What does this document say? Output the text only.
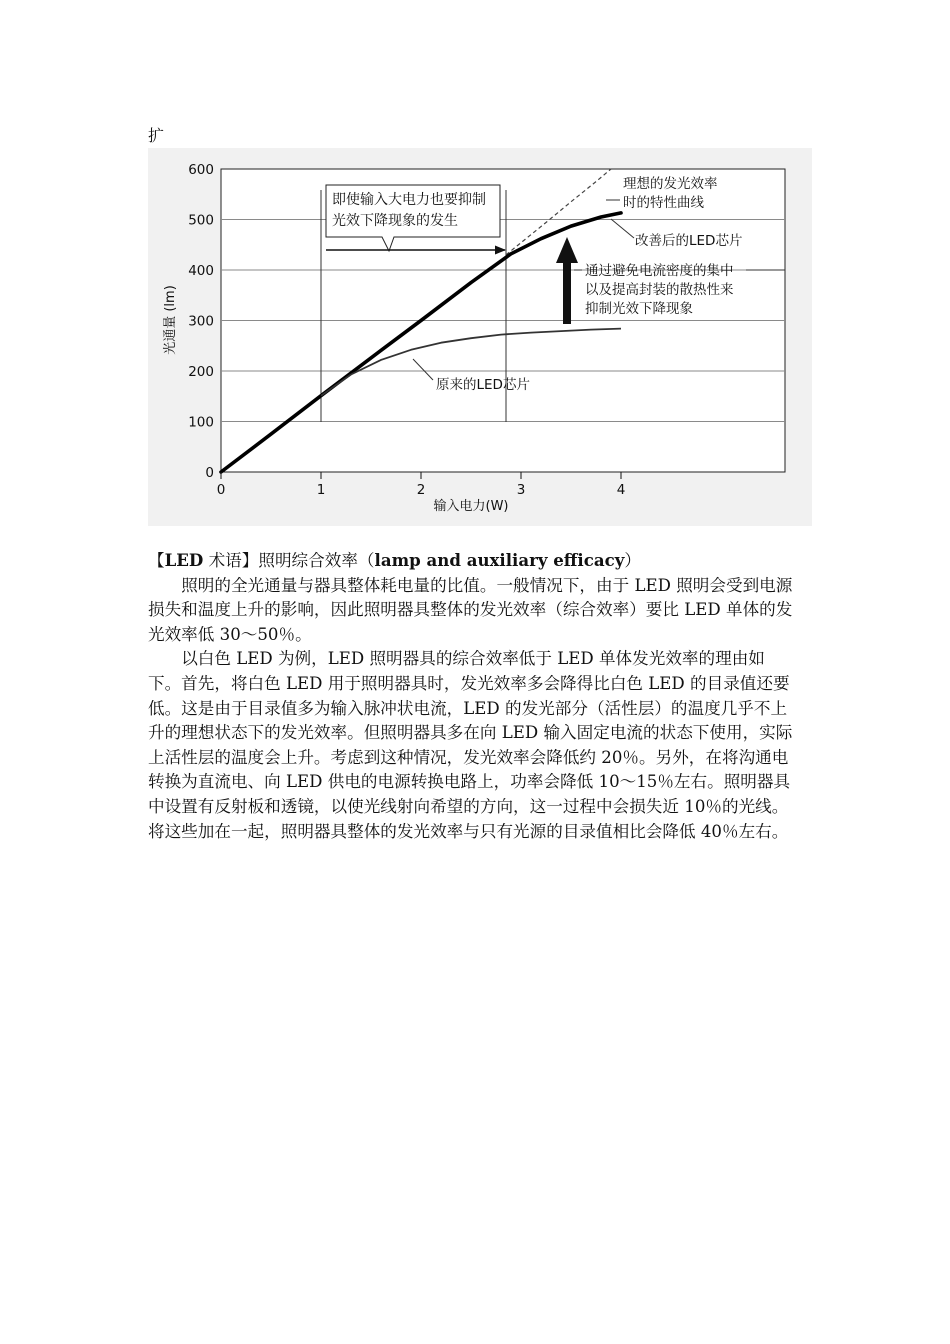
扩
0
100
200
300
400
500
600
0	1	2	3	4
光通量 (lm)
输入电力(W)
即使输入大电力也要抑制
光效下降现象的发生
理想的发光效率
时的特性曲线
改善后的LED芯片
通过避免电流密度的集中
以及提高封装的散热性来
抑制光效下降现象
原来的LED芯片

【LED 术语】照明综合效率（lamp and auxiliary efficacy）

照明的全光通量与器具整体耗电量的比值。一般情况下，由于 LED 照明会受到电源损失和温度上升的影响，因此照明器具整体的发光效率（综合效率）要比 LED 单体的发光效率低 30～50％。

以白色 LED 为例，LED 照明器具的综合效率低于 LED 单体发光效率的理由如下。首先，将白色 LED 用于照明器具时，发光效率多会降得比白色 LED 的目录值还要低。这是由于目录值多为输入脉冲状电流，LED 的发光部分（活性层）的温度几乎不上升的理想状态下的发光效率。但照明器具多在向 LED 输入固定电流的状态下使用，实际上活性层的温度会上升。考虑到这种情况，发光效率会降低约 20％。另外，在将沟通电转换为直流电、向 LED 供电的电源转换电路上，功率会降低 10～15％左右。照明器具中设置有反射板和透镜，以使光线射向希望的方向，这一过程中会损失近 10％的光线。将这些加在一起，照明器具整体的发光效率与只有光源的目录值相比会降低 40％左右。
